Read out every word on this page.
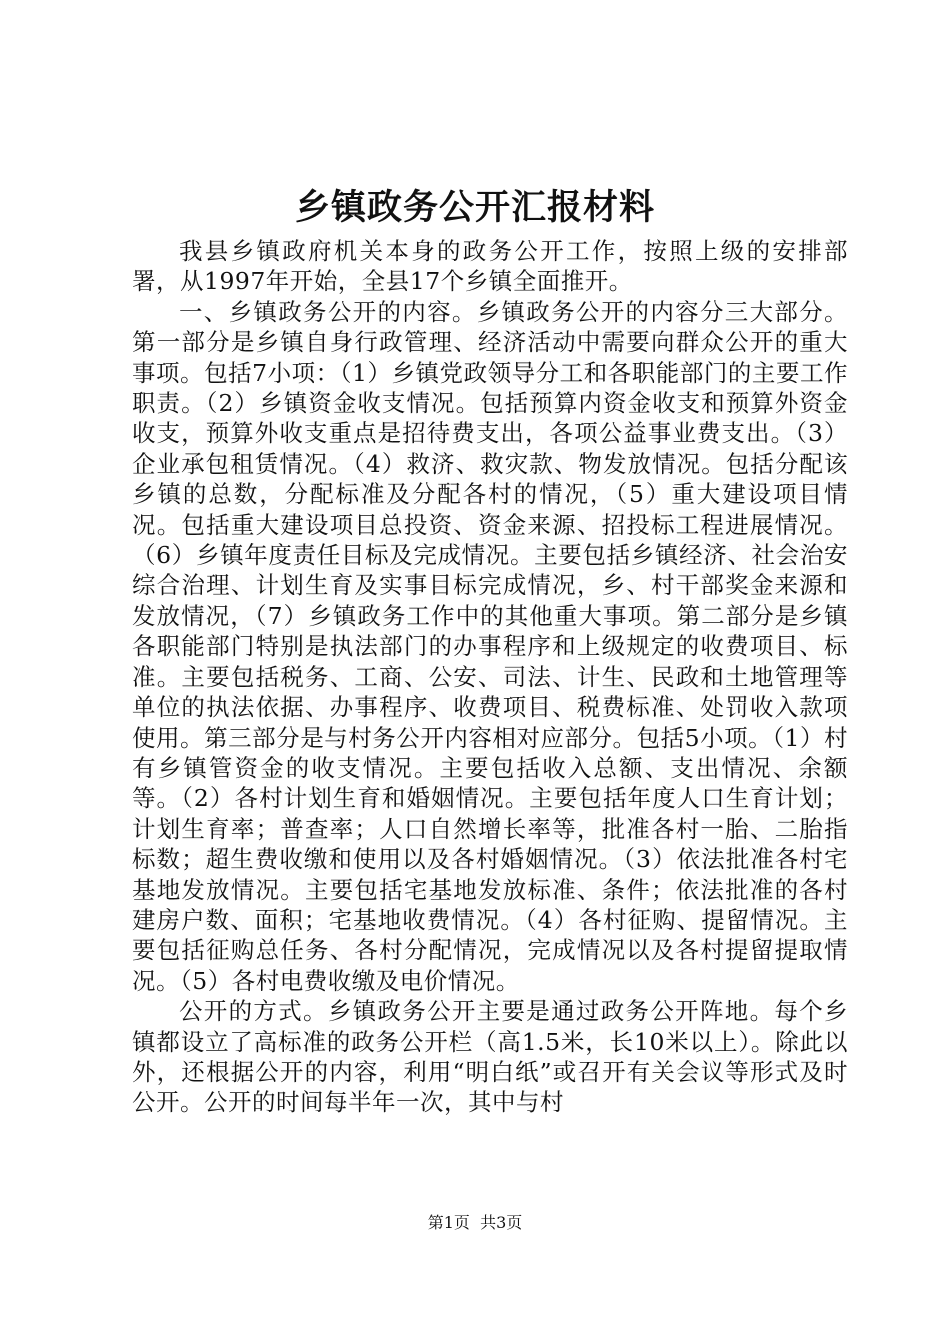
乡镇政务公开汇报材料

我县乡镇政府机关本身的政务公开工作，按照上级的安排部署，从1997年开始，全县17个乡镇全面推开。

一、乡镇政务公开的内容。乡镇政务公开的内容分三大部分。第一部分是乡镇自身行政管理、经济活动中需要向群众公开的重大事项。包括7小项：（1）乡镇党政领导分工和各职能部门的主要工作职责。（2）乡镇资金收支情况。包括预算内资金收支和预算外资金收支，预算外收支重点是招待费支出，各项公益事业费支出。（3）企业承包租赁情况。（4）救济、救灾款、物发放情况。包括分配该乡镇的总数，分配标准及分配各村的情况，（5）重大建设项目情况。包括重大建设项目总投资、资金来源、招投标工程进展情况。（6）乡镇年度责任目标及完成情况。主要包括乡镇经济、社会治安综合治理、计划生育及实事目标完成情况，乡、村干部奖金来源和发放情况，（7）乡镇政务工作中的其他重大事项。第二部分是乡镇各职能部门特别是执法部门的办事程序和上级规定的收费项目、标准。主要包括税务、工商、公安、司法、计生、民政和土地管理等单位的执法依据、办事程序、收费项目、税费标准、处罚收入款项使用。第三部分是与村务公开内容相对应部分。包括5小项。（1）村有乡镇管资金的收支情况。主要包括收入总额、支出情况、余额等。（2）各村计划生育和婚姻情况。主要包括年度人口生育计划；计划生育率；普查率；人口自然增长率等，批准各村一胎、二胎指标数；超生费收缴和使用以及各村婚姻情况。（3）依法批准各村宅基地发放情况。主要包括宅基地发放标准、条件；依法批准的各村建房户数、面积；宅基地收费情况。（4）各村征购、提留情况。主要包括征购总任务、各村分配情况，完成情况以及各村提留提取情况。（5）各村电费收缴及电价情况。

公开的方式。乡镇政务公开主要是通过政务公开阵地。每个乡镇都设立了高标准的政务公开栏（高1.5米，长10米以上）。除此以外，还根据公开的内容，利用“明白纸”或召开有关会议等形式及时公开。公开的时间每半年一次，其中与村

第1页  共3页
